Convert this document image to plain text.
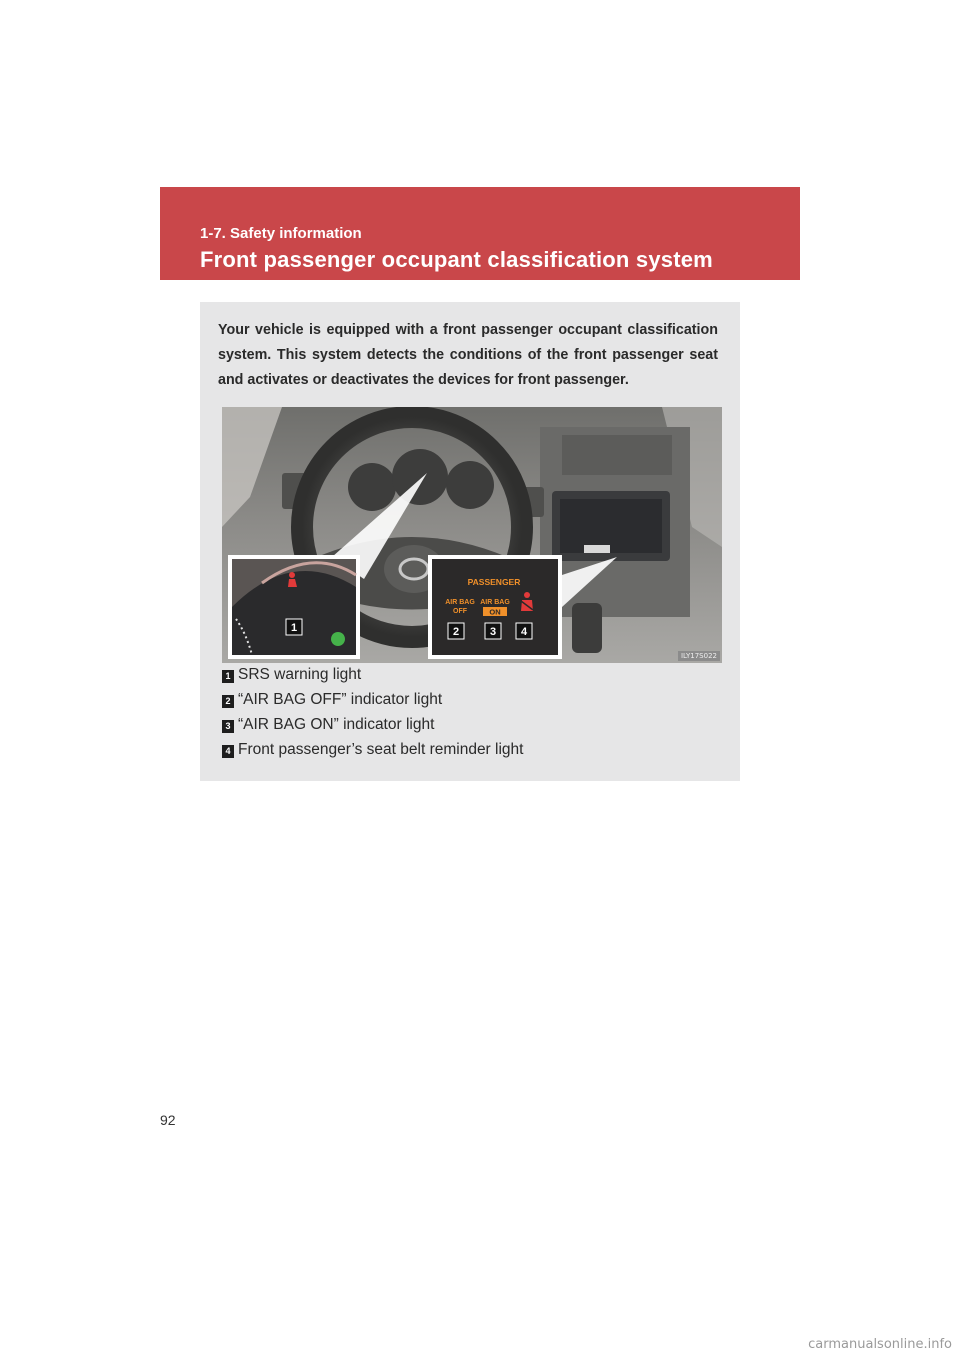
1-7. Safety information
Front passenger occupant classification system
Your vehicle is equipped with a front passenger occupant classification system. This system detects the conditions of the front passenger seat and activates or deactivates the devices for front passenger.
1
PASSENGER
AIR BAG
OFF
AIR BAG
ON
2	3 4
ILY17S022
1 SRS warning light
2 “AIR BAG OFF” indicator light
3 “AIR BAG ON” indicator light
4 Front passenger’s seat belt reminder light
92
carmanualsonline.info
